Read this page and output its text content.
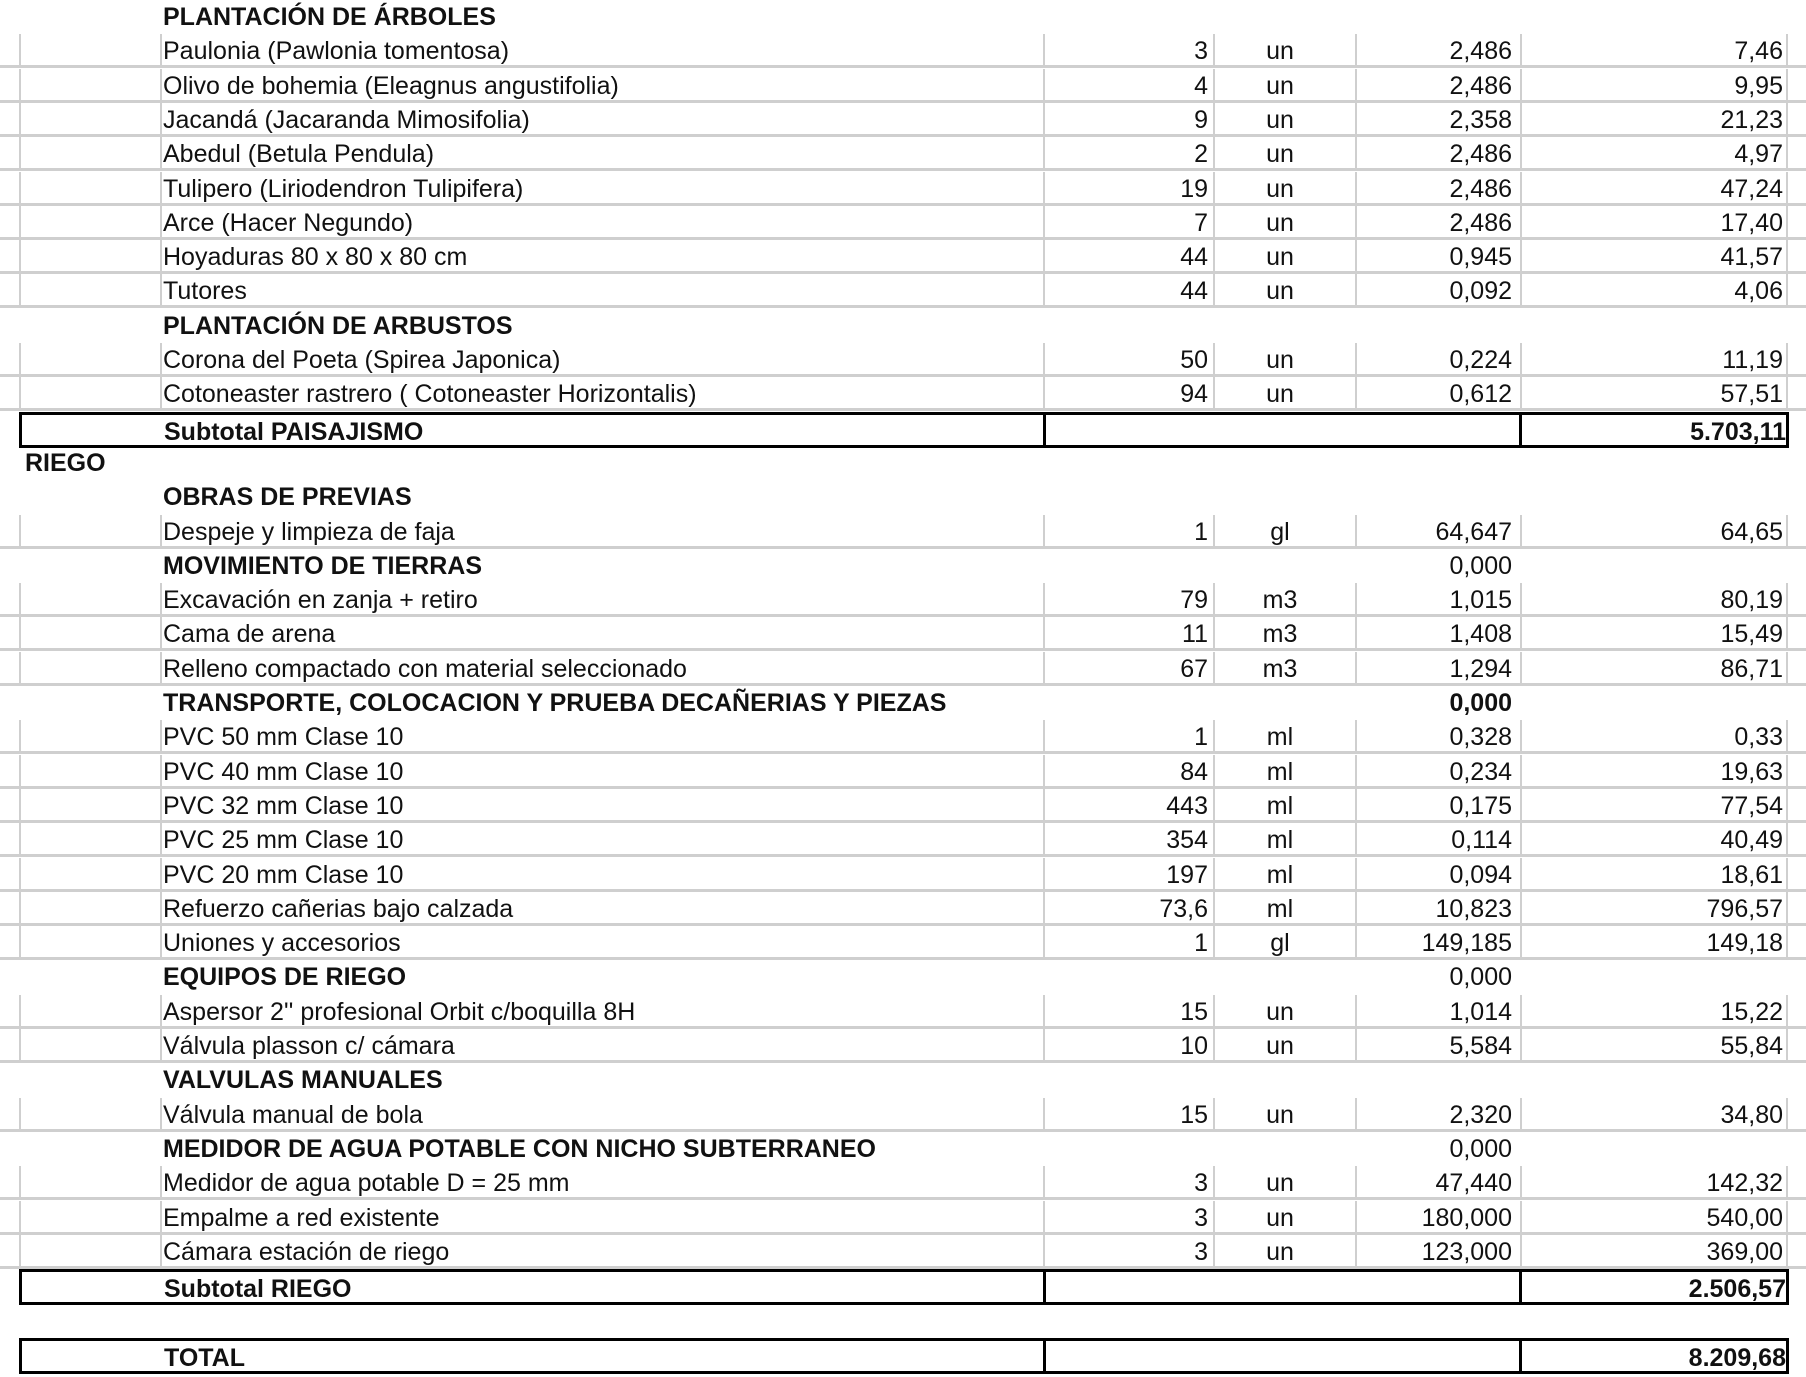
PLANTACIÓN DE ÁRBOLES
Paulonia (Pawlonia tomentosa)	3	un	2,486	7,46
Olivo de bohemia (Eleagnus angustifolia)	4	un	2,486	9,95
Jacandá (Jacaranda Mimosifolia)	9	un	2,358	21,23
Abedul (Betula Pendula)	2	un	2,486	4,97
Tulipero (Liriodendron Tulipifera)	19	un	2,486	47,24
Arce (Hacer Negundo)	7	un	2,486	17,40
Hoyaduras 80 x 80 x 80 cm	44	un	0,945	41,57
Tutores	44	un	0,092	4,06
PLANTACIÓN DE ARBUSTOS
Corona del Poeta (Spirea Japonica)	50	un	0,224	11,19
Cotoneaster rastrero ( Cotoneaster Horizontalis)	94	un	0,612	57,51
Subtotal PAISAJISMO	5.703,11
RIEGO
OBRAS DE PREVIAS
Despeje y limpieza de faja	1	gl	64,647	64,65
MOVIMIENTO DE TIERRAS	0,000
Excavación en zanja + retiro	79	m3	1,015	80,19
Cama de arena	11	m3	1,408	15,49
Relleno compactado con material seleccionado	67	m3	1,294	86,71
TRANSPORTE, COLOCACION Y PRUEBA DECAÑERIAS Y PIEZAS	0,000
PVC 50 mm Clase 10	1	ml	0,328	0,33
PVC 40 mm Clase 10	84	ml	0,234	19,63
PVC 32 mm Clase 10	443	ml	0,175	77,54
PVC 25 mm Clase 10	354	ml	0,114	40,49
PVC 20 mm Clase 10	197	ml	0,094	18,61
Refuerzo cañerias bajo calzada	73,6	ml	10,823	796,57
Uniones y accesorios	1	gl	149,185	149,18
EQUIPOS DE RIEGO	0,000
Aspersor 2'' profesional Orbit c/boquilla 8H	15	un	1,014	15,22
Válvula plasson c/ cámara	10	un	5,584	55,84
VALVULAS MANUALES
Válvula manual de bola	15	un	2,320	34,80
MEDIDOR DE AGUA POTABLE CON NICHO SUBTERRANEO	0,000
Medidor de agua potable D = 25 mm	3	un	47,440	142,32
Empalme a red existente	3	un	180,000	540,00
Cámara estación de riego	3	un	123,000	369,00
Subtotal RIEGO	2.506,57
TOTAL	8.209,68
